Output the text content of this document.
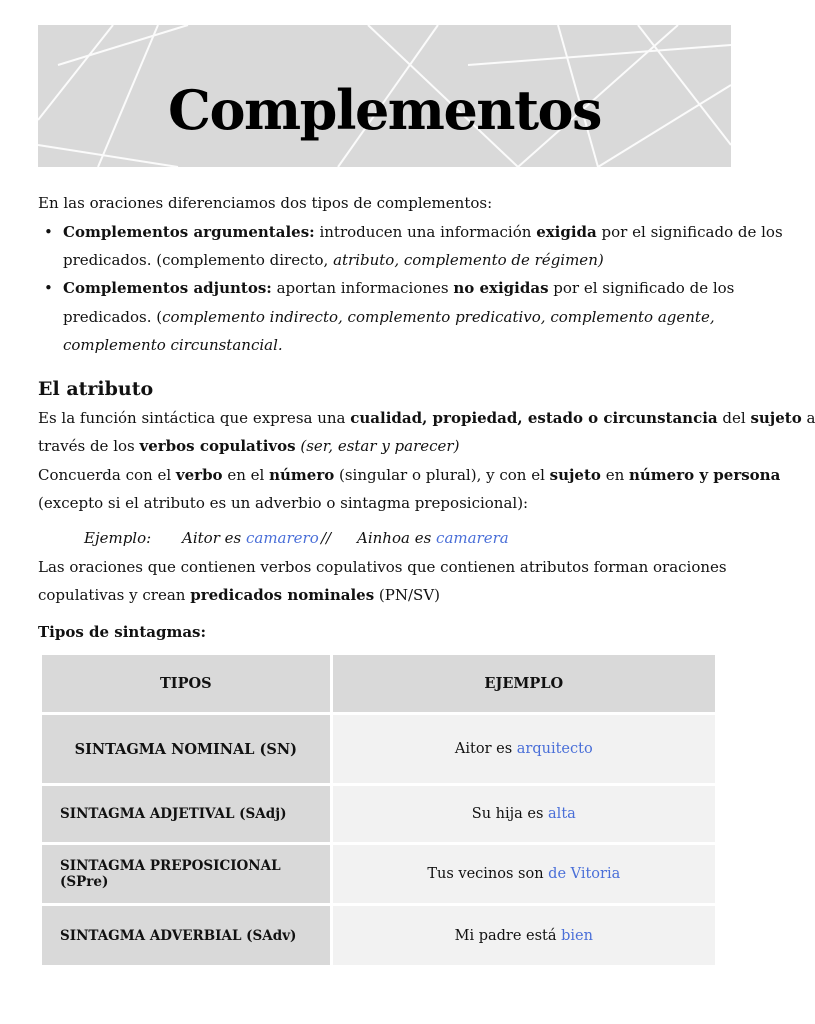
Complementos
En las oraciones diferenciamos dos tipos de complementos:
• Complementos argumentales: introducen una información exigida por el significado de los
predicados. (complemento directo, atributo, complemento de régimen)
• Complementos adjuntos: aportan informaciones no exigidas por el significado de los
predicados. (complemento indirecto, complemento predicativo, complemento agente,
complemento circunstancial.
El atributo
Es la función sintáctica que expresa una cualidad, propiedad, estado o circunstancia del sujeto a
través de los verbos copulativos (ser, estar y parecer)
Concuerda con el verbo en el número (singular o plural), y con el sujeto en número y persona
(excepto si el atributo es un adverbio o sintagma preposicional):
Ejemplo: Aitor es camarero // Ainhoa es camarera
Las oraciones que contienen verbos copulativos que contienen atributos forman oraciones
copulativas y crean predicados nominales (PN/SV)
Tipos de sintagmas:
TIPOS	EJEMPLO
SINTAGMA NOMINAL (SN)	Aitor es arquitecto
SINTAGMA ADJETIVAL (SAdj)	Su hija es alta
SINTAGMA PREPOSICIONAL (SPre)	Tus vecinos son de Vitoria
SINTAGMA ADVERBIAL (SAdv)	Mi padre está bien
